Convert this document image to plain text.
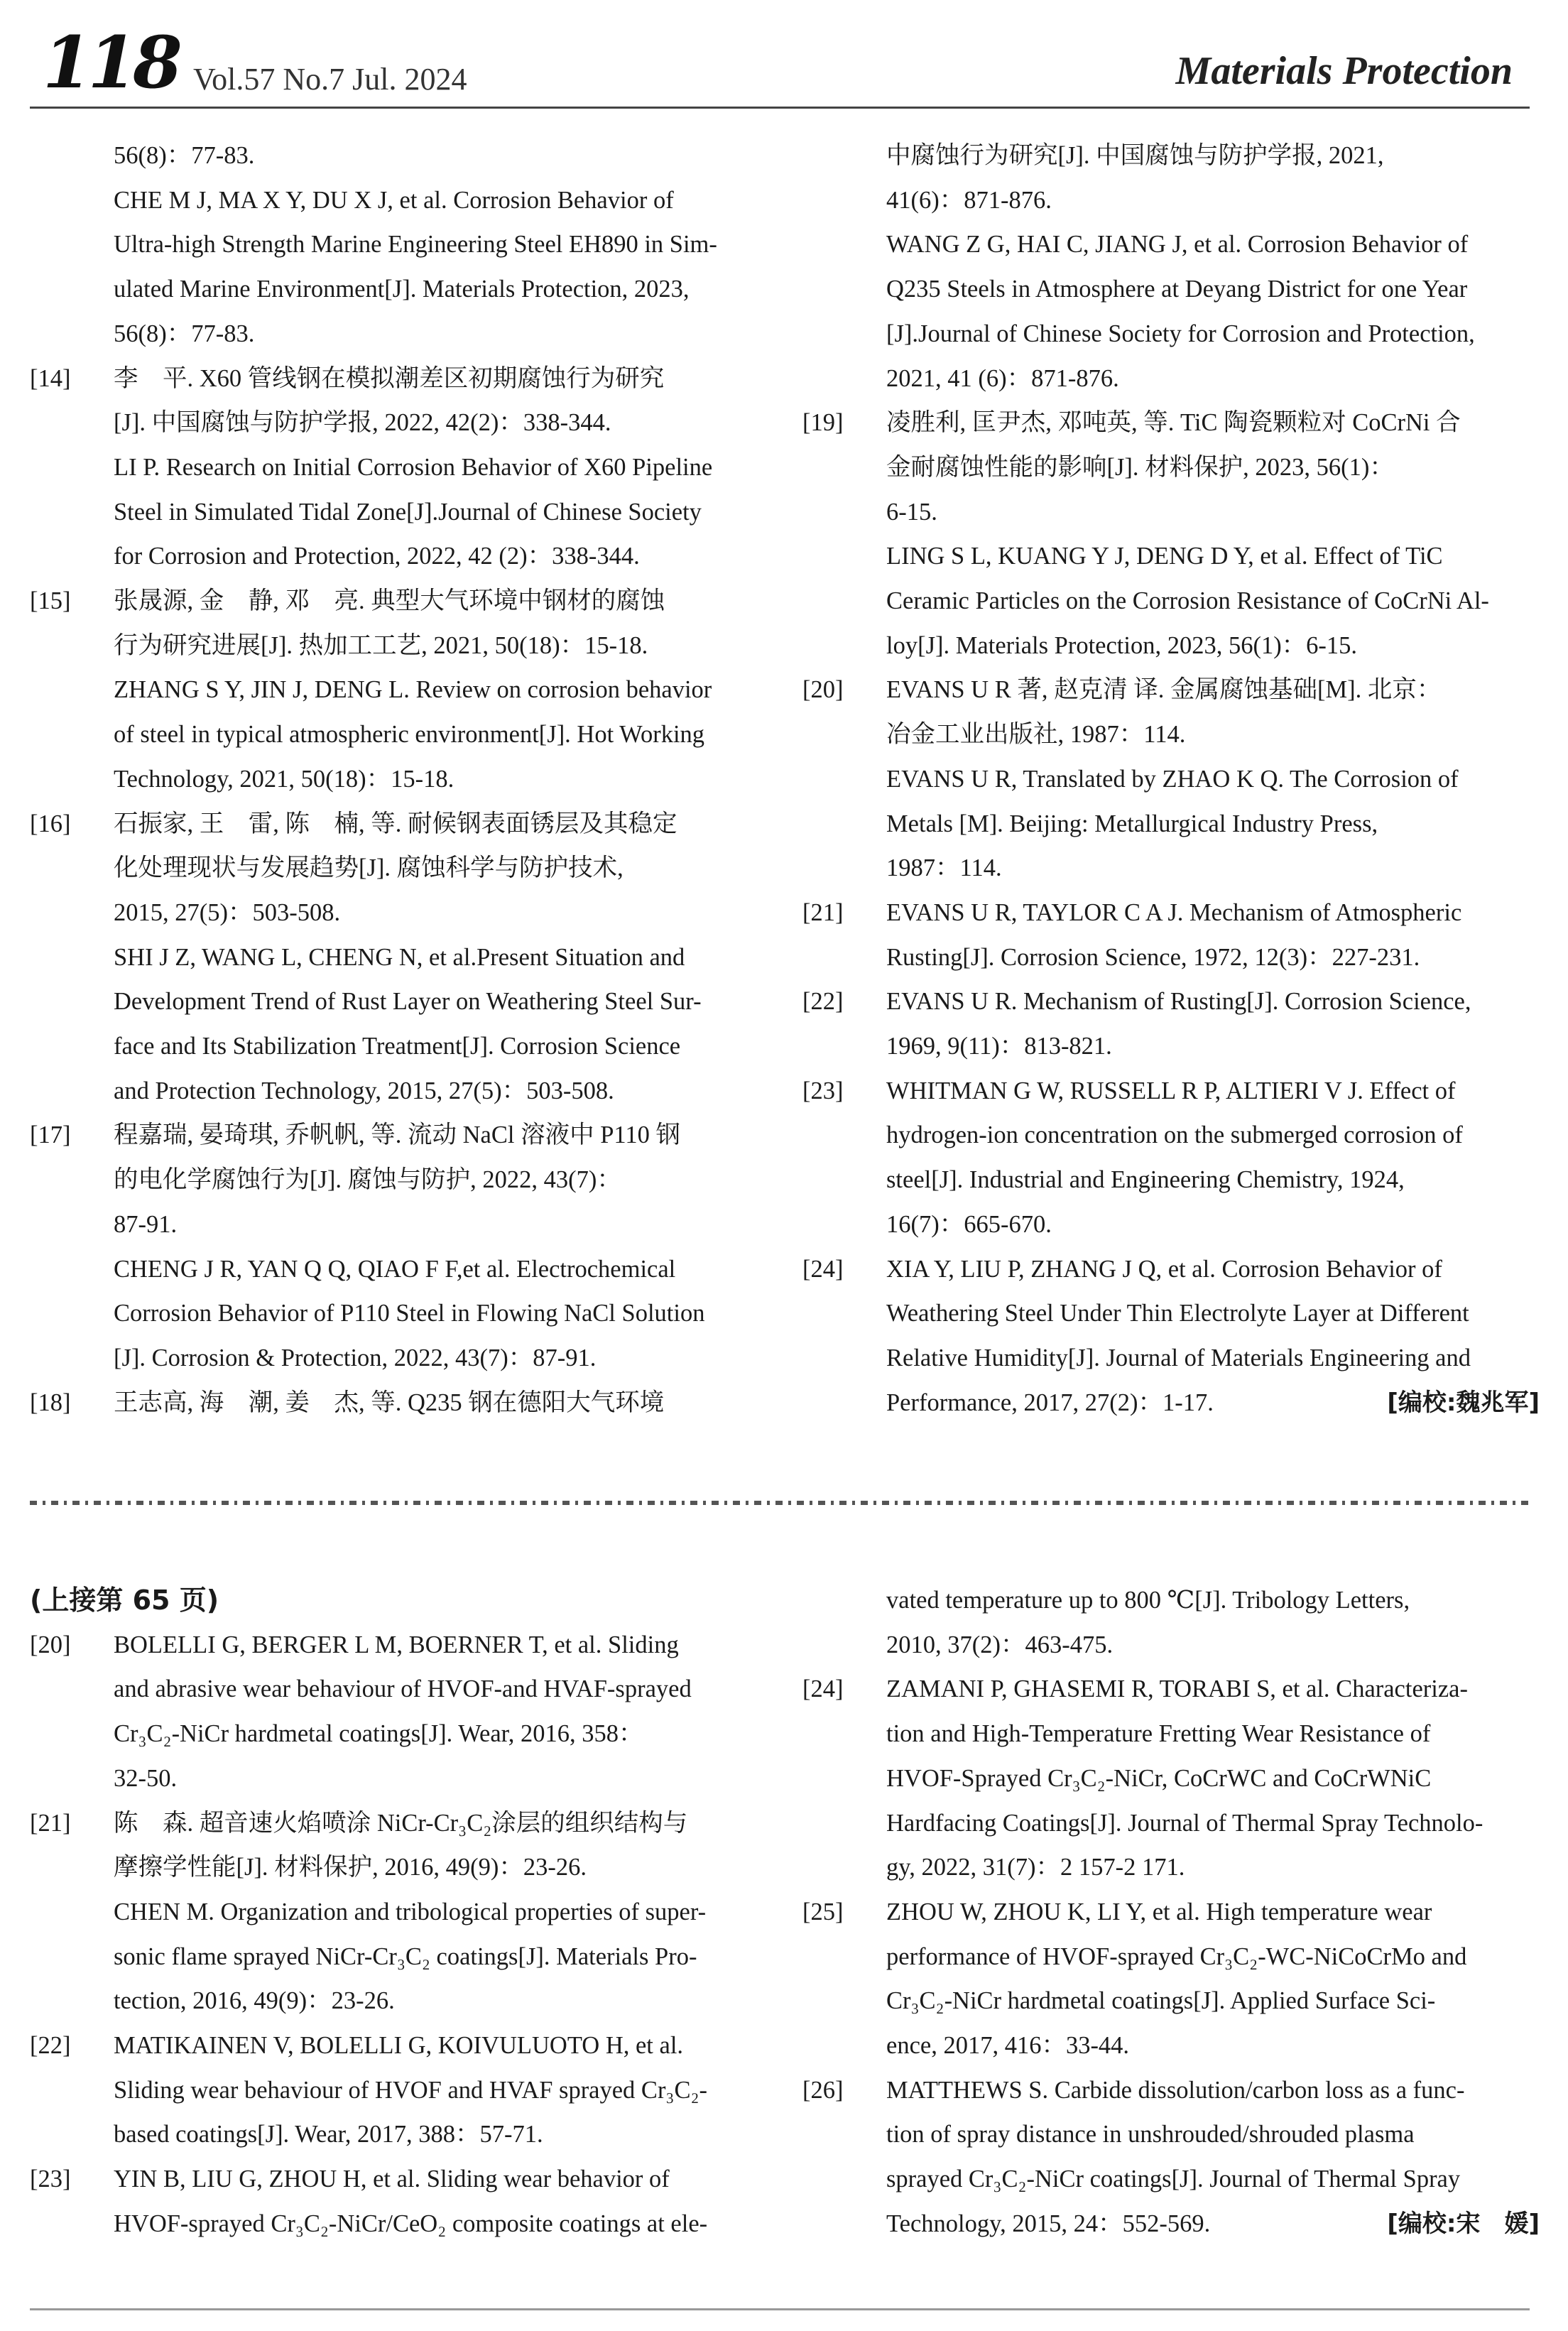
118 Vol.57 No.7 Jul. 2024	Materials Protection
56(8)：77-83.
CHE M J, MA X Y, DU X J, et al. Corrosion Behavior of
Ultra-high Strength Marine Engineering Steel EH890 in Sim-
ulated Marine Environment[J]. Materials Protection, 2023,
56(8)：77-83.
[14] 李　平. X60 管线钢在模拟潮差区初期腐蚀行为研究
[J]. 中国腐蚀与防护学报, 2022, 42(2)：338-344.
LI P. Research on Initial Corrosion Behavior of X60 Pipeline
Steel in Simulated Tidal Zone[J].Journal of Chinese Society
for Corrosion and Protection, 2022, 42 (2)：338-344.
[15] 张晟源, 金　静, 邓　亮. 典型大气环境中钢材的腐蚀
行为研究进展[J]. 热加工工艺, 2021, 50(18)：15-18.
ZHANG S Y, JIN J, DENG L. Review on corrosion behavior
of steel in typical atmospheric environment[J]. Hot Working
Technology, 2021, 50(18)：15-18.
[16] 石振家, 王　雷, 陈　楠, 等. 耐候钢表面锈层及其稳定
化处理现状与发展趋势[J]. 腐蚀科学与防护技术,
2015, 27(5)：503-508.
SHI J Z, WANG L, CHENG N, et al.Present Situation and
Development Trend of Rust Layer on Weathering Steel Sur-
face and Its Stabilization Treatment[J]. Corrosion Science
and Protection Technology, 2015, 27(5)：503-508.
[17] 程嘉瑞, 晏琦琪, 乔帆帆, 等. 流动 NaCl 溶液中 P110 钢
的电化学腐蚀行为[J]. 腐蚀与防护, 2022, 43(7)：
87-91.
CHENG J R, YAN Q Q, QIAO F F,et al. Electrochemical
Corrosion Behavior of P110 Steel in Flowing NaCl Solution
[J]. Corrosion & Protection, 2022, 43(7)：87-91.
[18] 王志高, 海　潮, 姜　杰, 等. Q235 钢在德阳大气环境
中腐蚀行为研究[J]. 中国腐蚀与防护学报, 2021,
41(6)：871-876.
WANG Z G, HAI C, JIANG J, et al. Corrosion Behavior of
Q235 Steels in Atmosphere at Deyang District for one Year
[J].Journal of Chinese Society for Corrosion and Protection,
2021, 41 (6)：871-876.
[19] 凌胜利, 匡尹杰, 邓吨英, 等. TiC 陶瓷颗粒对 CoCrNi 合
金耐腐蚀性能的影响[J]. 材料保护, 2023, 56(1)：
6-15.
LING S L, KUANG Y J, DENG D Y, et al. Effect of TiC
Ceramic Particles on the Corrosion Resistance of CoCrNi Al-
loy[J]. Materials Protection, 2023, 56(1)：6-15.
[20] EVANS U R 著, 赵克清 译. 金属腐蚀基础[M]. 北京：
冶金工业出版社, 1987：114.
EVANS U R, Translated by ZHAO K Q. The Corrosion of
Metals [M]. Beijing: Metallurgical Industry Press,
1987：114.
[21] EVANS U R, TAYLOR C A J. Mechanism of Atmospheric
Rusting[J]. Corrosion Science, 1972, 12(3)：227-231.
[22] EVANS U R. Mechanism of Rusting[J]. Corrosion Science,
1969, 9(11)：813-821.
[23] WHITMAN G W, RUSSELL R P, ALTIERI V J. Effect of
hydrogen-ion concentration on the submerged corrosion of
steel[J]. Industrial and Engineering Chemistry, 1924,
16(7)：665-670.
[24] XIA Y, LIU P, ZHANG J Q, et al. Corrosion Behavior of
Weathering Steel Under Thin Electrolyte Layer at Different
Relative Humidity[J]. Journal of Materials Engineering and
Performance, 2017, 27(2)：1-17.	[编校:魏兆军]
(上接第 65 页)
[20] BOLELLI G, BERGER L M, BOERNER T, et al. Sliding
and abrasive wear behaviour of HVOF-and HVAF-sprayed
Cr₃C₂-NiCr hardmetal coatings[J]. Wear, 2016, 358：
32-50.
[21] 陈　森. 超音速火焰喷涂 NiCr-Cr₃C₂涂层的组织结构与
摩擦学性能[J]. 材料保护, 2016, 49(9)：23-26.
CHEN M. Organization and tribological properties of super-
sonic flame sprayed NiCr-Cr₃C₂ coatings[J]. Materials Pro-
tection, 2016, 49(9)：23-26.
[22] MATIKAINEN V, BOLELLI G, KOIVULUOTO H, et al.
Sliding wear behaviour of HVOF and HVAF sprayed Cr₃C₂-
based coatings[J]. Wear, 2017, 388：57-71.
[23] YIN B, LIU G, ZHOU H, et al. Sliding wear behavior of
HVOF-sprayed Cr₃C₂-NiCr/CeO₂ composite coatings at ele-
vated temperature up to 800 ℃[J]. Tribology Letters,
2010, 37(2)：463-475.
[24] ZAMANI P, GHASEMI R, TORABI S, et al. Characteriza-
tion and High-Temperature Fretting Wear Resistance of
HVOF-Sprayed Cr₃C₂-NiCr, CoCrWC and CoCrWNiC
Hardfacing Coatings[J]. Journal of Thermal Spray Technolo-
gy, 2022, 31(7)：2 157-2 171.
[25] ZHOU W, ZHOU K, LI Y, et al. High temperature wear
performance of HVOF-sprayed Cr₃C₂-WC-NiCoCrMo and
Cr₃C₂-NiCr hardmetal coatings[J]. Applied Surface Sci-
ence, 2017, 416：33-44.
[26] MATTHEWS S. Carbide dissolution/carbon loss as a func-
tion of spray distance in unshrouded/shrouded plasma
sprayed Cr₃C₂-NiCr coatings[J]. Journal of Thermal Spray
Technology, 2015, 24：552-569.	[编校:宋　媛]
